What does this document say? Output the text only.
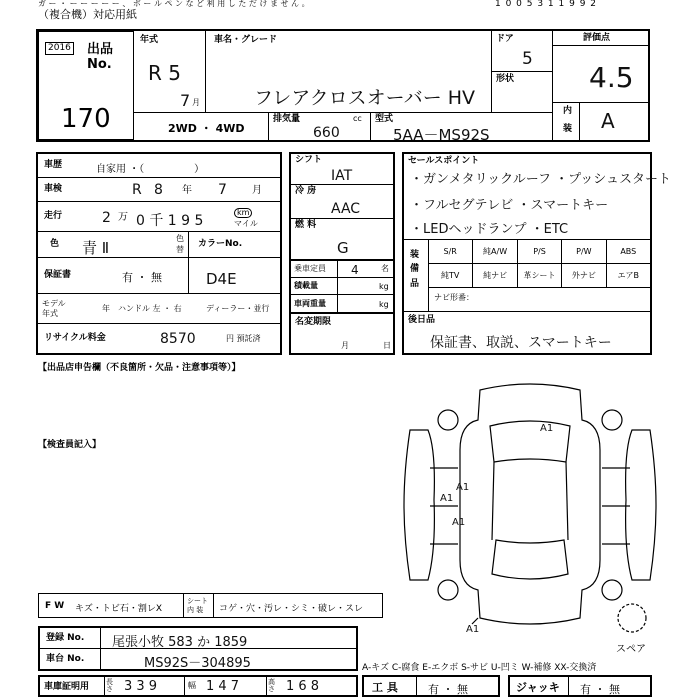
ガ ー ・ ー ー ー ー ー 、 ボ ー ル ペ ン な ど 利 用 し た だ け ま せ ん 。
（複合機）対応用紙
1 0 0 5 3 1 1 9 9 2
2016 出品 No.
170
年式
R 5
7 月
車名・グレード
フレアクロスオーバー HV
ドア
5
形状
評価点
4.5
内
装 A
2WD ・ 4WD
排気量	cc
660
型式
5AA－MS92S
車歴	自家用 ・（　　　　　）
車検	R 8 年 7	月
走行	2 万 0 千 1 9 5
km
マイル
色 青 Ⅱ
色
替
カラーNo.
保証書	有 ・ 無	D4E
モデル
年式
年 ハンドル 左 ・ 右	ディーラー・並行
リサイクル料金	8570	円 預託済
シフト
IAT
冷 房
AAC
燃 料
G
乗車定員 4	名
積載量	kg
車両重量	kg
名変期限
月	日
セールスポイント
・ガンメタリックルーフ ・プッシュスタート
・フルセグテレビ ・スマートキー
・LEDヘッドランプ ・ETC
装備品
S/R	純A/W	P/S	P/W	ABS
純TV	純ナビ	革シート	外ナビ	エアB
ナビ形番：
後日品
保証書、取説、スマートキー
【出品店申告欄（不良箇所・欠品・注意事項等）】
【検査員記入】
A1
A1
A1
A1
A1
スペア
F W キズ・トビ石・割レX
シート 内 装	コゲ・穴・汚レ・シミ・破レ・スレ
登録 No. 尾張小牧 583 か 1859
車台 No.	MS92S－304895	A-キズ C-腐食 E-エクボ S-サビ U-凹ミ W-補修 XX-交換済
車庫証明用 長さ 3 3 9	幅 1 4 7	高さ 1 6 8	工 具	有 ・ 無	ジャッキ 有 ・ 無
